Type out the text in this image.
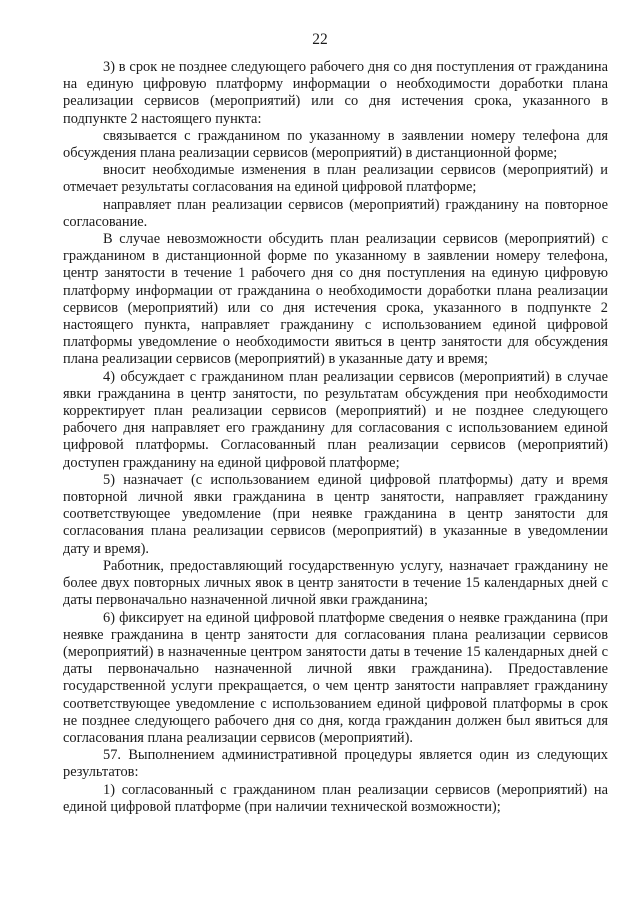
22

3) в срок не позднее следующего рабочего дня со дня поступления от гражданина на единую цифровую платформу информации о необходимости доработки плана реализации сервисов (мероприятий) или со дня истечения срока, указанного в подпункте 2 настоящего пункта:

связывается с гражданином по указанному в заявлении номеру телефона для обсуждения плана реализации сервисов (мероприятий) в дистанционной форме;

вносит необходимые изменения в план реализации сервисов (мероприятий) и отмечает результаты согласования на единой цифровой платформе;

направляет план реализации сервисов (мероприятий) гражданину на повторное согласование.

В случае невозможности обсудить план реализации сервисов (мероприятий) с гражданином в дистанционной форме по указанному в заявлении номеру телефона, центр занятости в течение 1 рабочего дня со дня поступления на единую цифровую платформу информации от гражданина о необходимости доработки плана реализации сервисов (мероприятий) или со дня истечения срока, указанного в подпункте 2 настоящего пункта, направляет гражданину с использованием единой цифровой платформы уведомление о необходимости явиться в центр занятости для обсуждения плана реализации сервисов (мероприятий) в указанные дату и время;

4) обсуждает с гражданином план реализации сервисов (мероприятий) в случае явки гражданина в центр занятости, по результатам обсуждения при необходимости корректирует план реализации сервисов (мероприятий) и не позднее следующего рабочего дня направляет его гражданину для согласования с использованием единой цифровой платформы. Согласованный план реализации сервисов (мероприятий) доступен гражданину на единой цифровой платформе;

5) назначает (с использованием единой цифровой платформы) дату и время повторной личной явки гражданина в центр занятости, направляет гражданину соответствующее уведомление (при неявке гражданина в центр занятости для согласования плана реализации сервисов (мероприятий) в указанные в уведомлении дату и время).

Работник, предоставляющий государственную услугу, назначает гражданину не более двух повторных личных явок в центр занятости в течение 15 календарных дней с даты первоначально назначенной личной явки гражданина;

6) фиксирует на единой цифровой платформе сведения о неявке гражданина (при неявке гражданина в центр занятости для согласования плана реализации сервисов (мероприятий) в назначенные центром занятости даты в течение 15 календарных дней с даты первоначально назначенной личной явки гражданина). Предоставление государственной услуги прекращается, о чем центр занятости направляет гражданину соответствующее уведомление с использованием единой цифровой платформы в срок не позднее следующего рабочего дня со дня, когда гражданин должен был явиться для согласования плана реализации сервисов (мероприятий).

57. Выполнением административной процедуры является один из следующих результатов:

1) согласованный с гражданином план реализации сервисов (мероприятий) на единой цифровой платформе (при наличии технической возможности);
